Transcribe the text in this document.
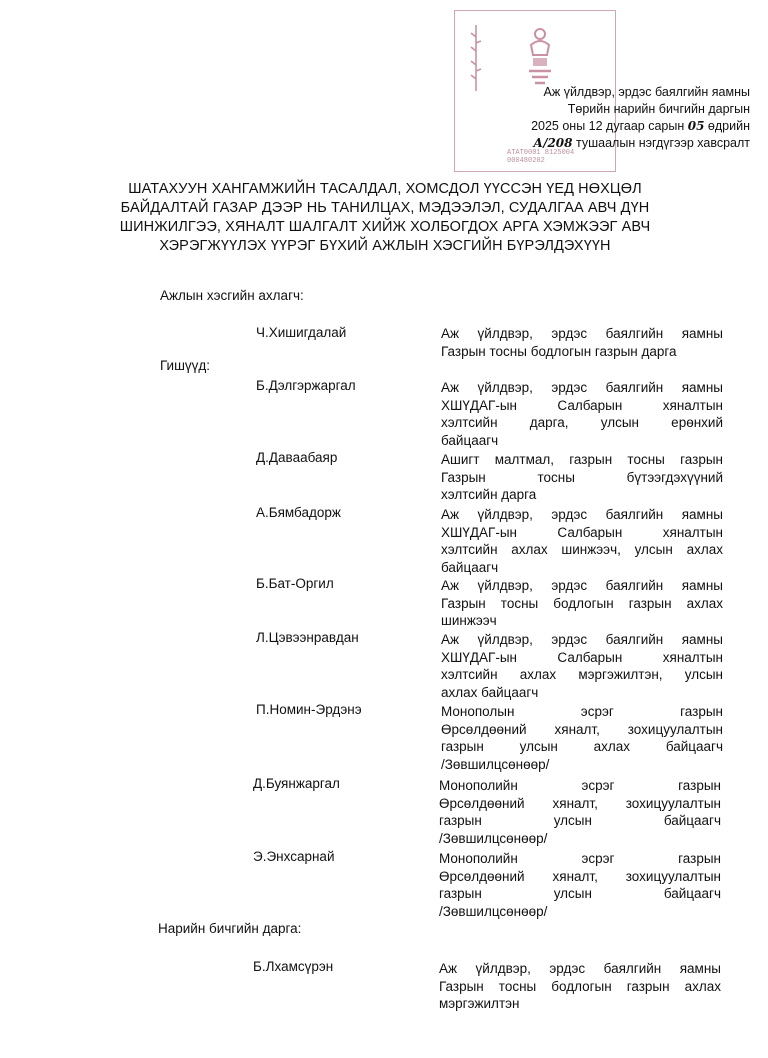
АТАТ0001 8125004
000480202
Аж үйлдвэр, эрдэс баялгийн яамны
Төрийн нарийн бичгийн даргын
2025 оны 12 дугаар сарын 05 өдрийн
А/208 тушаалын нэгдүгээр хавсралт
ШАТАХУУН ХАНГАМЖИЙН ТАСАЛДАЛ, ХОМСДОЛ ҮҮССЭН ҮЕД НӨХЦӨЛ
БАЙДАЛТАЙ ГАЗАР ДЭЭР НЬ ТАНИЛЦАХ, МЭДЭЭЛЭЛ, СУДАЛГАА АВЧ ДҮН
ШИНЖИЛГЭЭ, ХЯНАЛТ ШАЛГАЛТ ХИЙЖ ХОЛБОГДОХ АРГА ХЭМЖЭЭГ АВЧ
ХЭРЭГЖҮҮЛЭХ ҮҮРЭГ БҮХИЙ АЖЛЫН ХЭСГИЙН БҮРЭЛДЭХҮҮН
Ажлын хэсгийн ахлагч:
Ч.Хишигдалай	Аж үйлдвэр, эрдэс баялгийн яамны
Газрын тосны бодлогын газрын дарга
Гишүүд:
Б.Дэлгэржаргал	Аж үйлдвэр, эрдэс баялгийн яамны
ХШҮДАГ-ын Салбарын хяналтын
хэлтсийн дарга, улсын ерөнхий
байцаагч
Д.Даваабаяр	Ашигт малтмал, газрын тосны газрын
Газрын тосны бүтээгдэхүүний
хэлтсийн дарга
А.Бямбадорж	Аж үйлдвэр, эрдэс баялгийн яамны
ХШҮДАГ-ын Салбарын хяналтын
хэлтсийн ахлах шинжээч, улсын ахлах
байцаагч
Б.Бат-Оргил	Аж үйлдвэр, эрдэс баялгийн яамны
Газрын тосны бодлогын газрын ахлах
шинжээч
Л.Цэвээнравдан	Аж үйлдвэр, эрдэс баялгийн яамны
ХШҮДАГ-ын Салбарын хяналтын
хэлтсийн ахлах мэргэжилтэн, улсын
ахлах байцаагч
П.Номин-Эрдэнэ	Монополын эсрэг газрын
Өрсөлдөөний хяналт, зохицуулалтын
газрын улсын ахлах байцаагч
/Зөвшилцсөнөөр/
Д.Буянжаргал	Монополийн эсрэг газрын
Өрсөлдөөний хяналт, зохицуулалтын
газрын улсын байцаагч
/Зөвшилцсөнөөр/
Э.Энхсарнай	Монополийн эсрэг газрын
Өрсөлдөөний хяналт, зохицуулалтын
газрын улсын байцаагч
/Зөвшилцсөнөөр/
Нарийн бичгийн дарга:
Б.Лхамсүрэн	Аж үйлдвэр, эрдэс баялгийн яамны
Газрын тосны бодлогын газрын ахлах
мэргэжилтэн
